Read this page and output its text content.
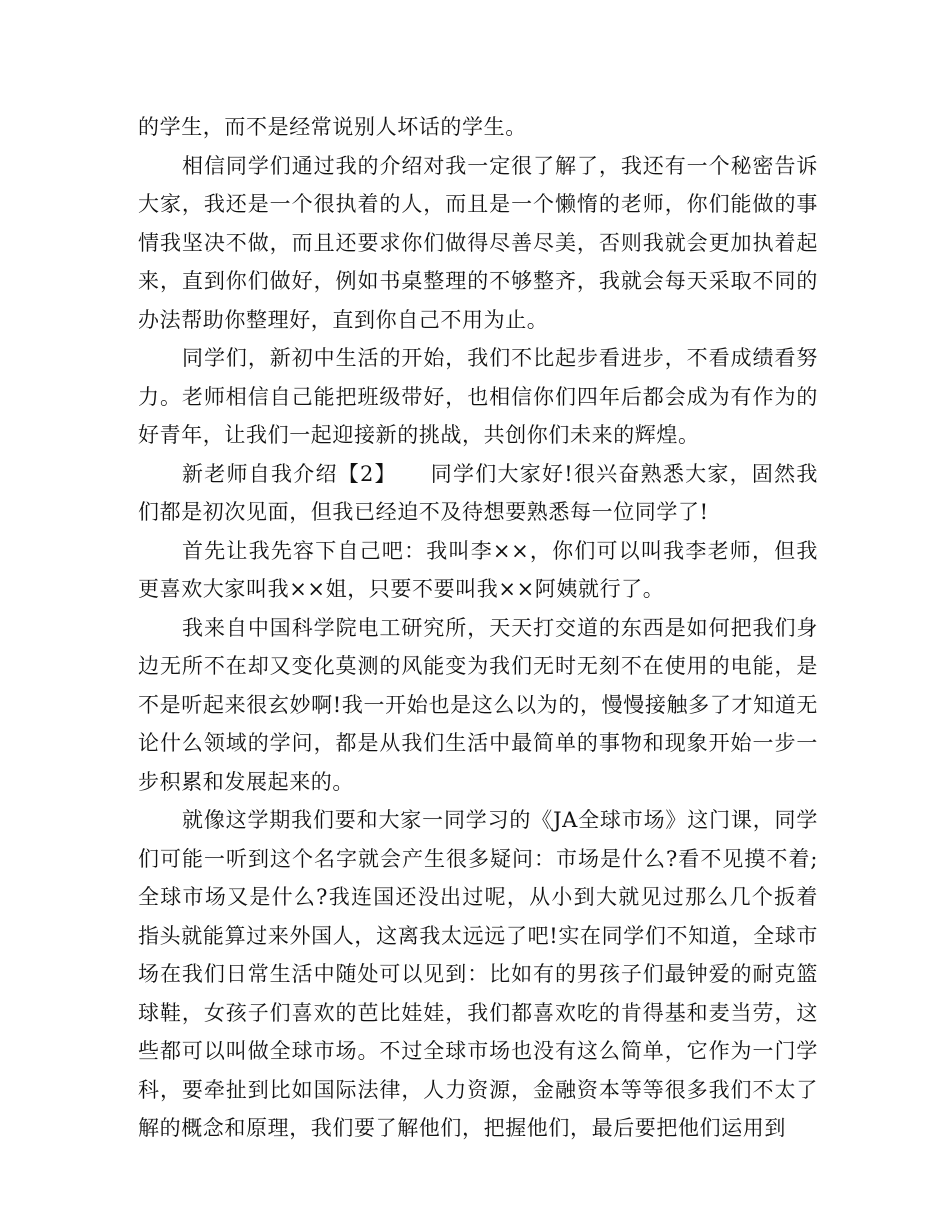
的学生，而不是经常说别人坏话的学生。

相信同学们通过我的介绍对我一定很了解了，我还有一个秘密告诉大家，我还是一个很执着的人，而且是一个懒惰的老师，你们能做的事情我坚决不做，而且还要求你们做得尽善尽美，否则我就会更加执着起来，直到你们做好，例如书桌整理的不够整齐，我就会每天采取不同的办法帮助你整理好，直到你自己不用为止。

同学们，新初中生活的开始，我们不比起步看进步，不看成绩看努力。老师相信自己能把班级带好，也相信你们四年后都会成为有作为的好青年，让我们一起迎接新的挑战，共创你们未来的辉煌。

新老师自我介绍【2】　　同学们大家好!很兴奋熟悉大家，固然我们都是初次见面，但我已经迫不及待想要熟悉每一位同学了!

首先让我先容下自己吧：我叫李××，你们可以叫我李老师，但我更喜欢大家叫我××姐，只要不要叫我××阿姨就行了。

我来自中国科学院电工研究所，天天打交道的东西是如何把我们身边无所不在却又变化莫测的风能变为我们无时无刻不在使用的电能，是不是听起来很玄妙啊!我一开始也是这么以为的，慢慢接触多了才知道无论什么领域的学问，都是从我们生活中最简单的事物和现象开始一步一步积累和发展起来的。

就像这学期我们要和大家一同学习的《JA全球市场》这门课，同学们可能一听到这个名字就会产生很多疑问：市场是什么?看不见摸不着;全球市场又是什么?我连国还没出过呢，从小到大就见过那么几个扳着指头就能算过来外国人，这离我太远远了吧!实在同学们不知道，全球市场在我们日常生活中随处可以见到：比如有的男孩子们最钟爱的耐克篮球鞋，女孩子们喜欢的芭比娃娃，我们都喜欢吃的肯得基和麦当劳，这些都可以叫做全球市场。不过全球市场也没有这么简单，它作为一门学科，要牵扯到比如国际法律，人力资源，金融资本等等很多我们不太了解的概念和原理，我们要了解他们，把握他们，最后要把他们运用到
